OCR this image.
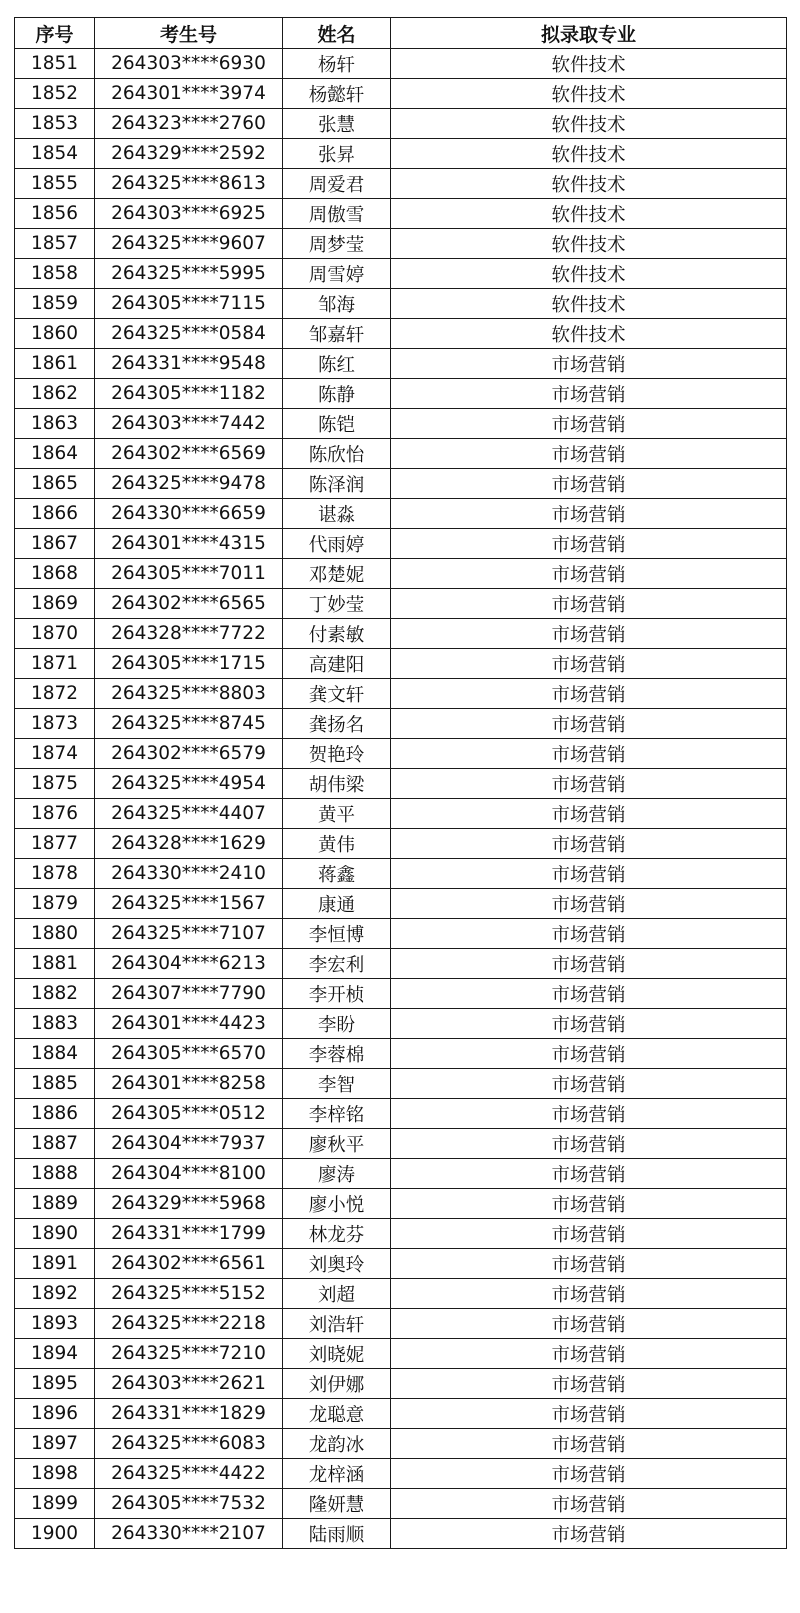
序号	考生号	姓名	拟录取专业
1851	264303****6930	杨轩	软件技术
1852	264301****3974	杨懿轩	软件技术
1853	264323****2760	张慧	软件技术
1854	264329****2592	张昇	软件技术
1855	264325****8613	周爱君	软件技术
1856	264303****6925	周傲雪	软件技术
1857	264325****9607	周梦莹	软件技术
1858	264325****5995	周雪婷	软件技术
1859	264305****7115	邹海	软件技术
1860	264325****0584	邹嘉轩	软件技术
1861	264331****9548	陈红	市场营销
1862	264305****1182	陈静	市场营销
1863	264303****7442	陈铠	市场营销
1864	264302****6569	陈欣怡	市场营销
1865	264325****9478	陈泽润	市场营销
1866	264330****6659	谌淼	市场营销
1867	264301****4315	代雨婷	市场营销
1868	264305****7011	邓楚妮	市场营销
1869	264302****6565	丁妙莹	市场营销
1870	264328****7722	付素敏	市场营销
1871	264305****1715	高建阳	市场营销
1872	264325****8803	龚文轩	市场营销
1873	264325****8745	龚扬名	市场营销
1874	264302****6579	贺艳玲	市场营销
1875	264325****4954	胡伟梁	市场营销
1876	264325****4407	黄平	市场营销
1877	264328****1629	黄伟	市场营销
1878	264330****2410	蒋鑫	市场营销
1879	264325****1567	康通	市场营销
1880	264325****7107	李恒博	市场营销
1881	264304****6213	李宏利	市场营销
1882	264307****7790	李开桢	市场营销
1883	264301****4423	李盼	市场营销
1884	264305****6570	李蓉棉	市场营销
1885	264301****8258	李智	市场营销
1886	264305****0512	李梓铭	市场营销
1887	264304****7937	廖秋平	市场营销
1888	264304****8100	廖涛	市场营销
1889	264329****5968	廖小悦	市场营销
1890	264331****1799	林龙芬	市场营销
1891	264302****6561	刘奥玲	市场营销
1892	264325****5152	刘超	市场营销
1893	264325****2218	刘浩轩	市场营销
1894	264325****7210	刘晓妮	市场营销
1895	264303****2621	刘伊娜	市场营销
1896	264331****1829	龙聪意	市场营销
1897	264325****6083	龙韵冰	市场营销
1898	264325****4422	龙梓涵	市场营销
1899	264305****7532	隆妍慧	市场营销
1900	264330****2107	陆雨顺	市场营销
